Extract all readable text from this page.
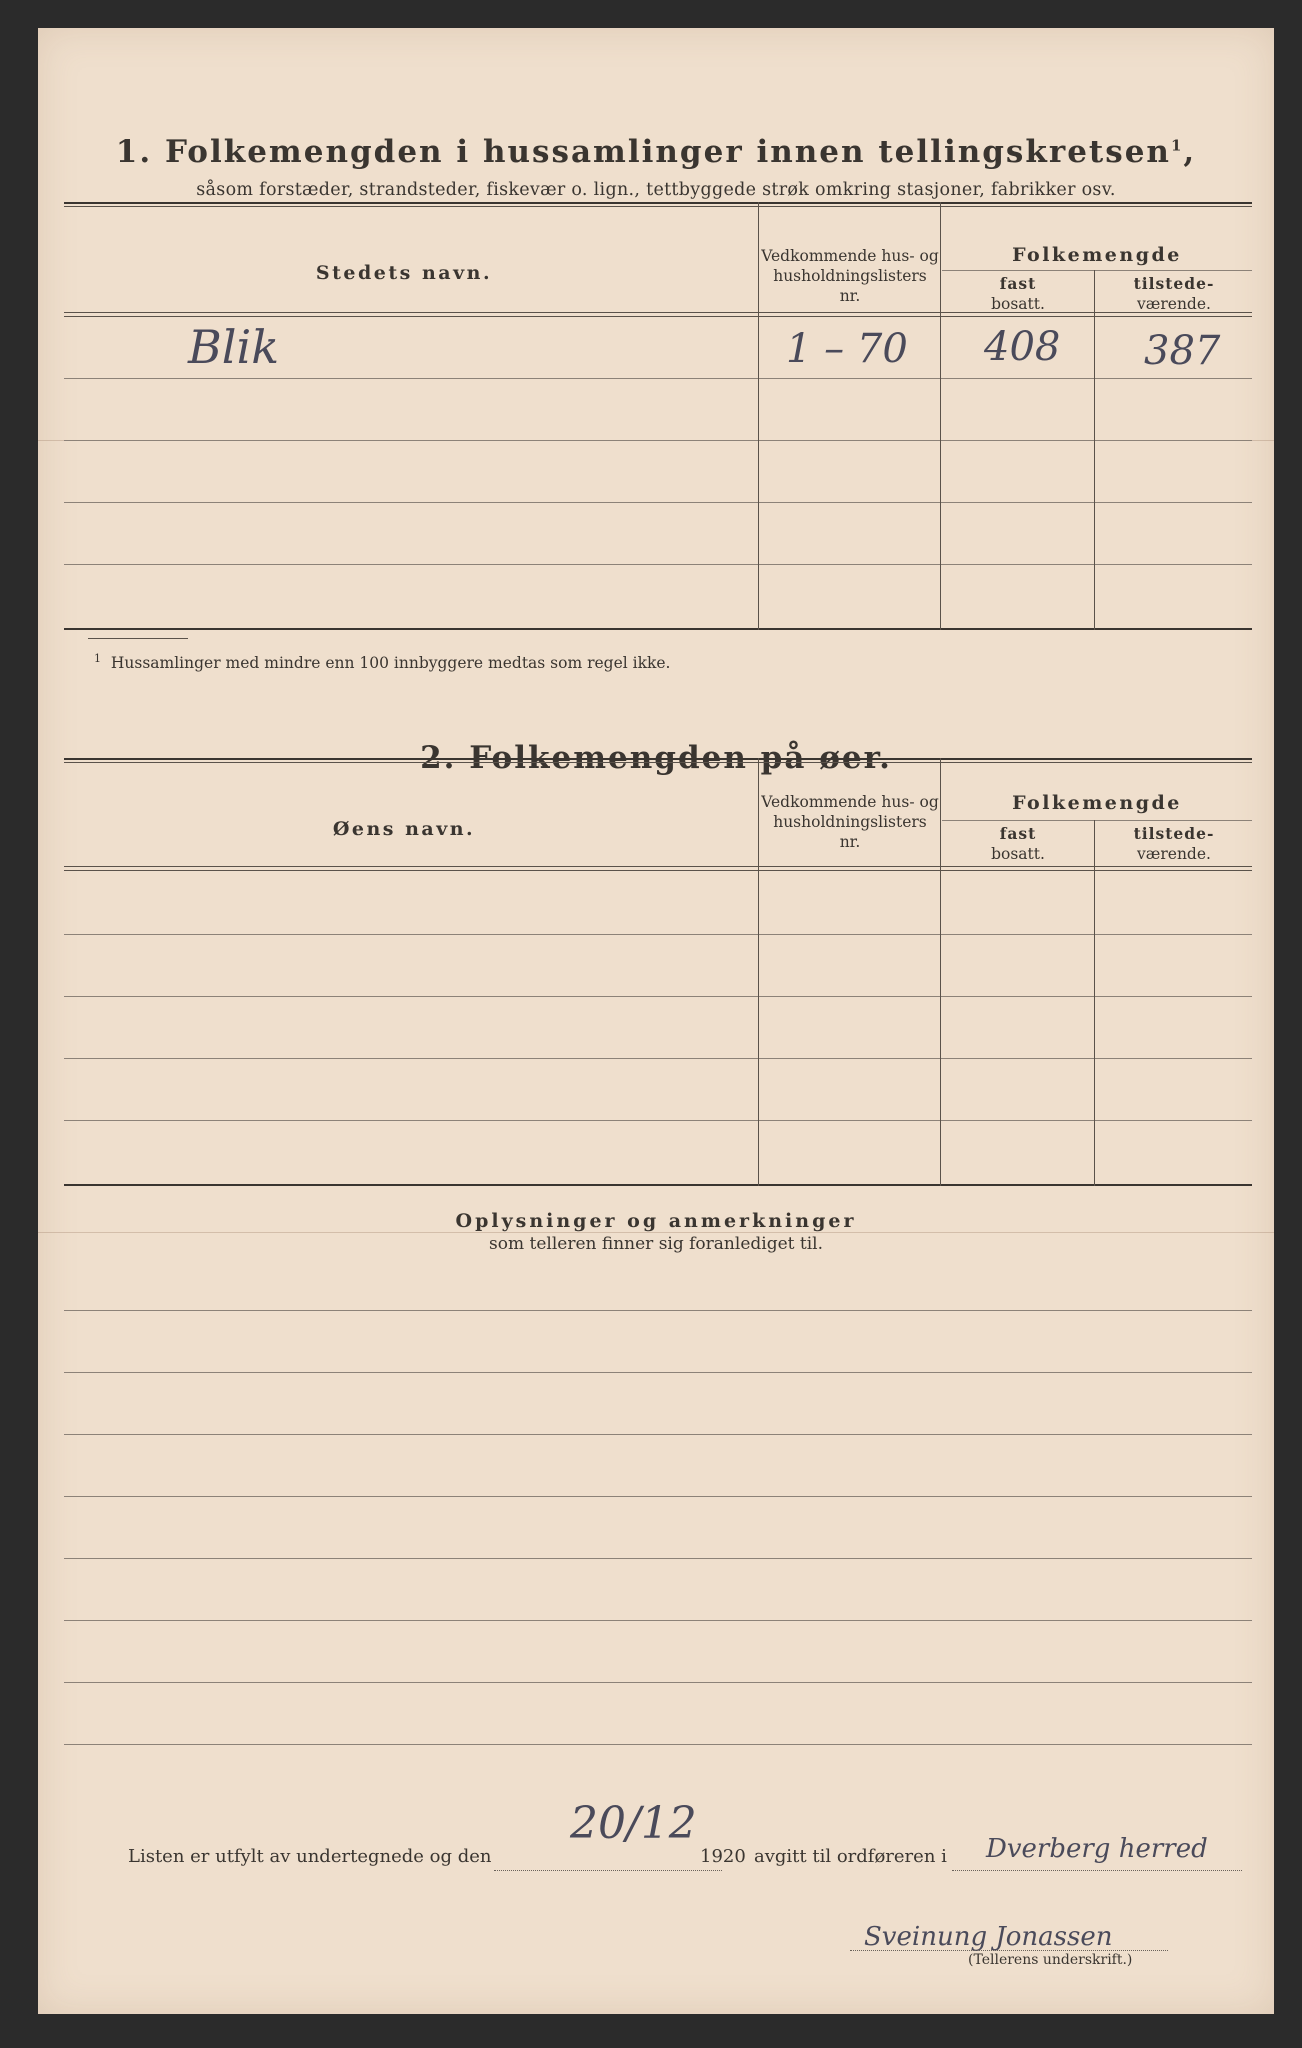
1. Folkemengden i hussamlinger innen tellingskretsen$^1$,
såsom forstæder, strandsteder, fiskevær o. lign., tettbyggede strøk omkring stasjoner, fabrikker osv.
Stedets navn.
Vedkommende hus- og
husholdningslisters
nr.
Folkemengde
fast
bosatt.
tilstede-
værende.
Blik	1 – 70 408 387
$^1$ Hussamlinger med mindre enn 100 innbyggere medtas som regel ikke.
2. Folkemengden på øer.
Øens navn.
Vedkommende hus- og
husholdningslisters
nr.
Folkemengde
fast
bosatt.
tilstede-
værende.
Oplysninger og anmerkninger
som telleren finner sig foranlediget til.
Listen er utfylt av undertegnede og den
20/12
1920 avgitt til ordføreren i Dverberg herred
Sveinung Jonassen
(Tellerens underskrift.)
